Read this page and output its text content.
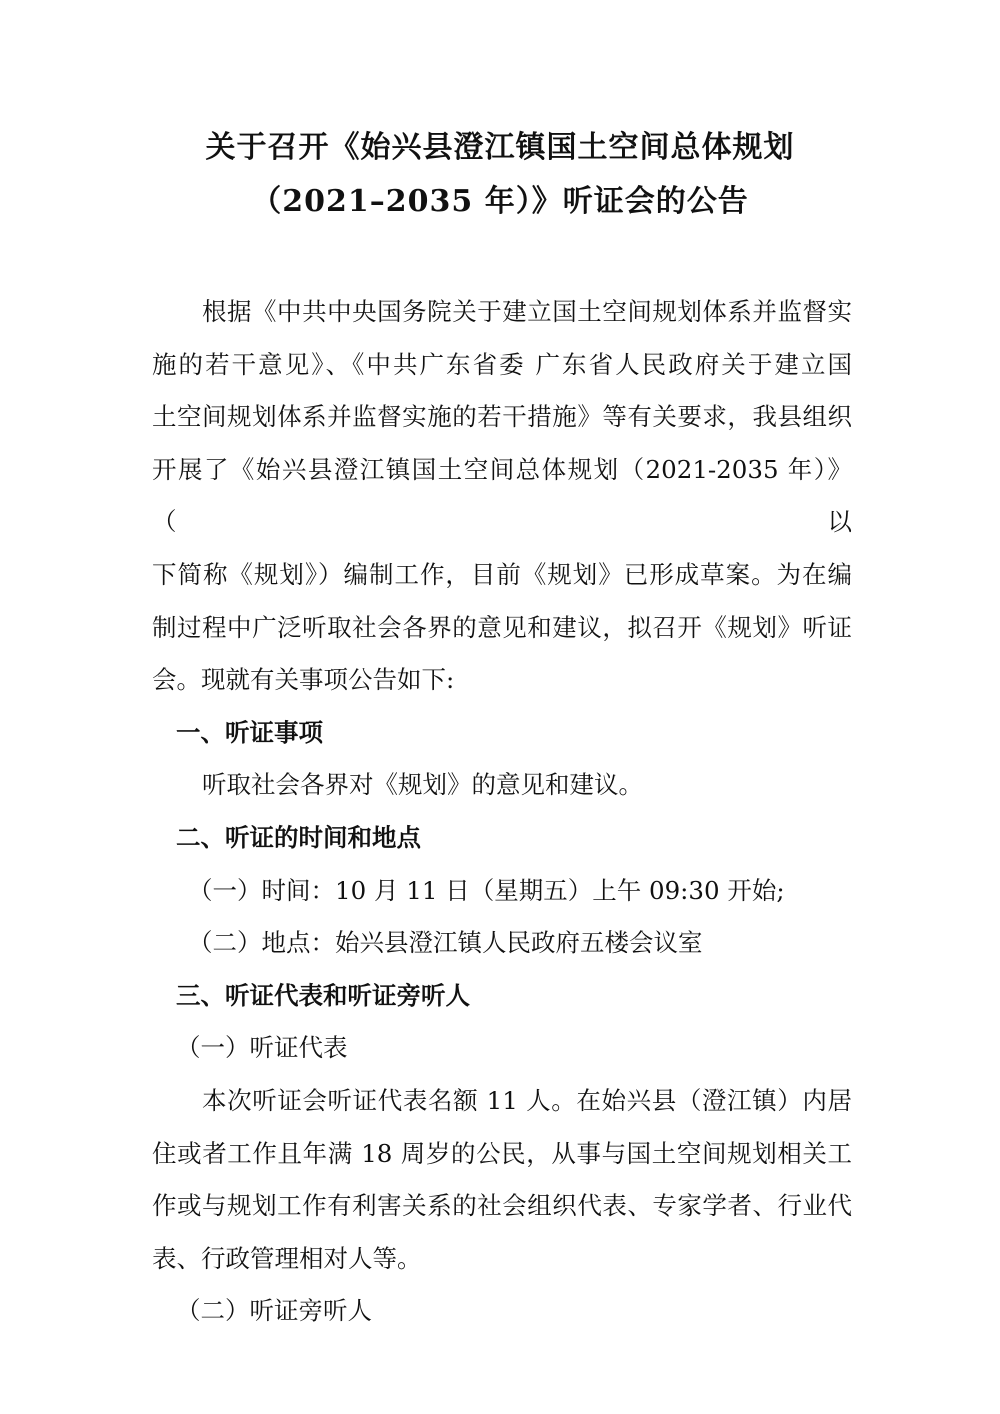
关于召开《始兴县澄江镇国土空间总体规划
（2021–2035 年）》听证会的公告

根据《中共中央国务院关于建立国土空间规划体系并监督实

施的若干意见》、《中共广东省委 广东省人民政府关于建立国

土空间规划体系并监督实施的若干措施》等有关要求，我县组织

开展了《始兴县澄江镇国土空间总体规划（2021-2035 年）》（以

下简称《规划》）编制工作，目前《规划》已形成草案。为在编

制过程中广泛听取社会各界的意见和建议，拟召开《规划》听证

会。现就有关事项公告如下:

一、听证事项

听取社会各界对《规划》的意见和建议。

二、听证的时间和地点

（一）时间：10 月 11 日（星期五）上午 09:30 开始;

（二）地点：始兴县澄江镇人民政府五楼会议室

三、听证代表和听证旁听人

（一）听证代表

本次听证会听证代表名额 11 人。在始兴县（澄江镇）内居

住或者工作且年满 18 周岁的公民，从事与国土空间规划相关工

作或与规划工作有利害关系的社会组织代表、专家学者、行业代

表、行政管理相对人等。

（二）听证旁听人
